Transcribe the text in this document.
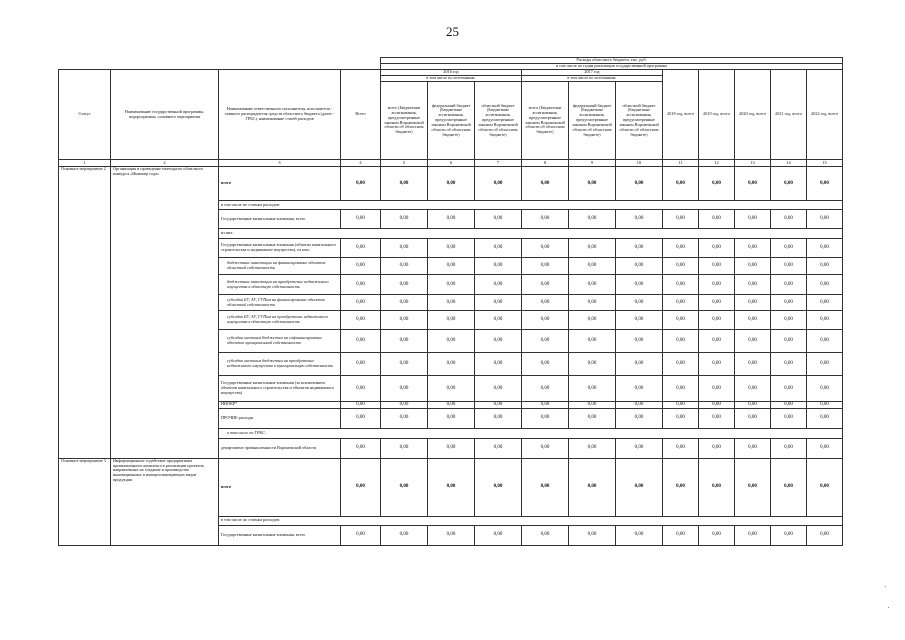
25
				Расходы областного бюджета, тыс. руб.										
				в том числе по годам реализации государственной программы										
Статус	Наименование государственной программы, подпрограммы, основного мероприятия	Наименование ответственного исполнителя, исполнителя - главного распорядителя средств областного бюджета (далее - ГРБС), наименование статей расходов	Всего	2016 год			2017 год			2018 год, всего	2019 год, всего	2020 год, всего	2021 год, всего	2022 год, всего
				в том числе по источникам:			в том числе по источникам:							
				всего (Бюджетные ассигнования, предусмотренные законом Воронежской области об областном бюджете)	федеральный бюджет (Бюджетные ассигнования, предусмотренные законом Воронежской области об областном бюджете)	областной бюджет (Бюджетные ассигнования, предусмотренные законом Воронежской области об областном бюджете)	всего (Бюджетные ассигнования, предусмотренные законом Воронежской области об областном бюджете)	федеральный бюджет (Бюджетные ассигнования, предусмотренные законом Воронежской области об областном бюджете)	областной бюджет (Бюджетные ассигнования, предусмотренные законом Воронежской области об областном бюджете)					
1	2	3	4	5	6	7	8	9	10	11	12	13	14	15
Основное мероприятие 2	Организация и проведение ежегодного областного конкурса «Инженер года»	всего	0,00	0,00	0,00	0,00	0,00	0,00	0,00	0,00	0,00	0,00	0,00	0,00
		в том числе по статьям расходов:												
		Государственные капитальные вложения, всего	0,00	0,00	0,00	0,00	0,00	0,00	0,00	0,00	0,00	0,00	0,00	0,00
		из них:												
		Государственные капитальные вложения (объекты капитального строительства и недвижимое имущество), из них:	0,00	0,00	0,00	0,00	0,00	0,00	0,00	0,00	0,00	0,00	0,00	0,00
		бюджетные инвестиции на финансирование объектов областной собственности	0,00	0,00	0,00	0,00	0,00	0,00	0,00	0,00	0,00	0,00	0,00	0,00
		бюджетные инвестиции на приобретение недвижимого имущества в областную собственность	0,00	0,00	0,00	0,00	0,00	0,00	0,00	0,00	0,00	0,00	0,00	0,00
		субсидии БУ, АУ, ГУПам на финансирование объектов областной собственности	0,00	0,00	0,00	0,00	0,00	0,00	0,00	0,00	0,00	0,00	0,00	0,00
		субсидии БУ, АУ, ГУПам на приобретение недвижимого имущества в областную собственность	0,00	0,00	0,00	0,00	0,00	0,00	0,00	0,00	0,00	0,00	0,00	0,00
		субсидии местным бюджетам на софинансирование объектов муниципальной собственности	0,00	0,00	0,00	0,00	0,00	0,00	0,00	0,00	0,00	0,00	0,00	0,00
		субсидии местным бюджетам на приобретение недвижимого имущества в муниципальную собственность	0,00	0,00	0,00	0,00	0,00	0,00	0,00	0,00	0,00	0,00	0,00	0,00
		Государственные капитальные вложения (за исключением объектов капитального строительства и объектов недвижимого имущества)	0,00	0,00	0,00	0,00	0,00	0,00	0,00	0,00	0,00	0,00	0,00	0,00
		НИОКР*	0,00	0,00	0,00	0,00	0,00	0,00	0,00	0,00	0,00	0,00	0,00	0,00
		ПРОЧИЕ расходы	0,00	0,00	0,00	0,00	0,00	0,00	0,00	0,00	0,00	0,00	0,00	0,00
		в том числе по ГРБС:												
		департамент промышленности Воронежской области	0,00	0,00	0,00	0,00	0,00	0,00	0,00	0,00	0,00	0,00	0,00	0,00
Основное мероприятие 3	Информационное содействие предприятиям промышленного комплекса в реализации проектов, направленных на создание и производство инновационных и импортозамещающих видов продукции	всего	0,00	0,00	0,00	0,00	0,00	0,00	0,00	0,00	0,00	0,00	0,00	0,00
		в том числе по статьям расходов:												
		Государственные капитальные вложения, всего	0,00	0,00	0,00	0,00	0,00	0,00	0,00	0,00	0,00	0,00	0,00	0,00
